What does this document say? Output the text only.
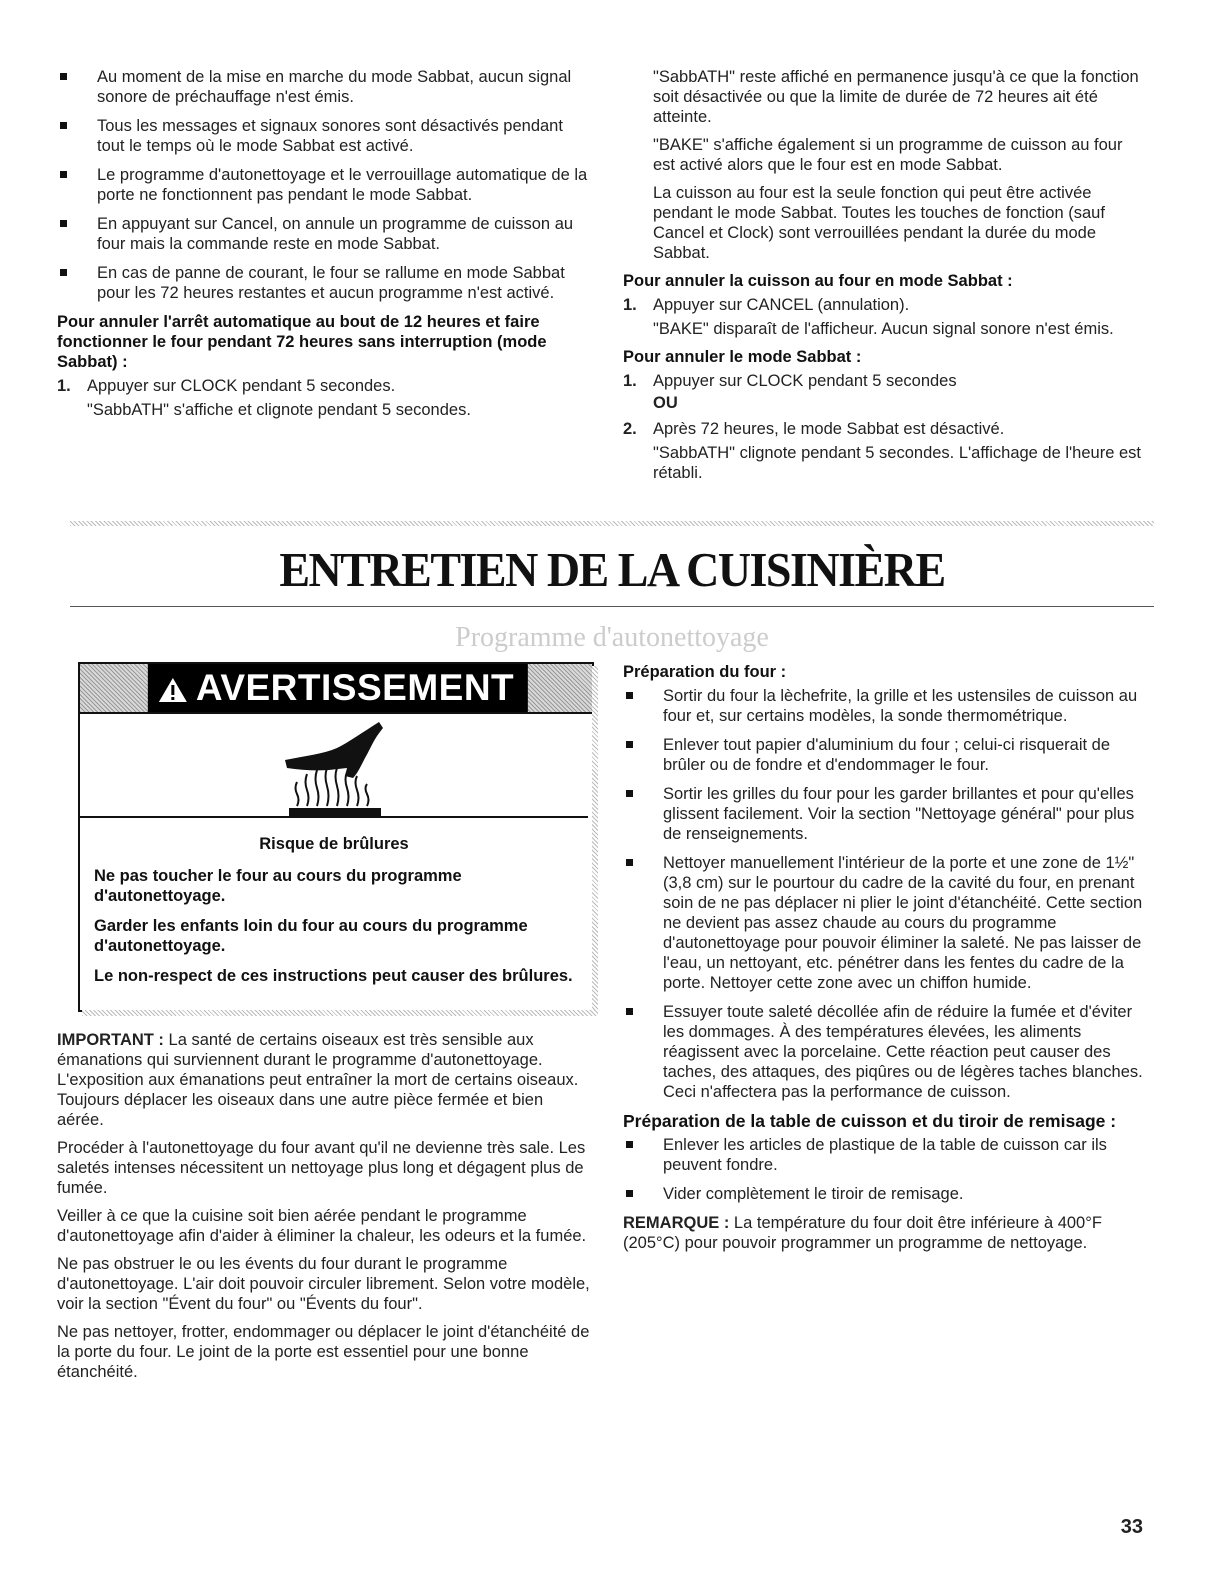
Au moment de la mise en marche du mode Sabbat, aucun signal sonore de préchauffage n'est émis.
Tous les messages et signaux sonores sont désactivés pendant tout le temps où le mode Sabbat est activé.
Le programme d'autonettoyage et le verrouillage automatique de la porte ne fonctionnent pas pendant le mode Sabbat.
En appuyant sur Cancel, on annule un programme de cuisson au four mais la commande reste en mode Sabbat.
En cas de panne de courant, le four se rallume en mode Sabbat pour les 72 heures restantes et aucun programme n'est activé.
Pour annuler l'arrêt automatique au bout de 12 heures et faire fonctionner le four pendant 72 heures sans interruption (mode Sabbat) :
1. Appuyer sur CLOCK pendant 5 secondes.
"SabbATH" s'affiche et clignote pendant 5 secondes.

"SabbATH" reste affiché en permanence jusqu'à ce que la fonction soit désactivée ou que la limite de durée de 72 heures ait été atteinte.

"BAKE" s'affiche également si un programme de cuisson au four est activé alors que le four est en mode Sabbat.

La cuisson au four est la seule fonction qui peut être activée pendant le mode Sabbat. Toutes les touches de fonction (sauf Cancel et Clock) sont verrouillées pendant la durée du mode Sabbat.

Pour annuler la cuisson au four en mode Sabbat :
1. Appuyer sur CANCEL (annulation).
"BAKE" disparaît de l'afficheur. Aucun signal sonore n'est émis.
Pour annuler le mode Sabbat :
1. Appuyer sur CLOCK pendant 5 secondes
OU
2. Après 72 heures, le mode Sabbat est désactivé.
"SabbATH" clignote pendant 5 secondes. L'affichage de l'heure est rétabli.
ENTRETIEN DE LA CUISINIÈRE
Programme d'autonettoyage
AVERTISSEMENT
Risque de brûlures

Ne pas toucher le four au cours du programme d'autonettoyage.

Garder les enfants loin du four au cours du programme d'autonettoyage.

Le non-respect de ces instructions peut causer des brûlures.

IMPORTANT : La santé de certains oiseaux est très sensible aux émanations qui surviennent durant le programme d'autonettoyage. L'exposition aux émanations peut entraîner la mort de certains oiseaux. Toujours déplacer les oiseaux dans une autre pièce fermée et bien aérée.

Procéder à l'autonettoyage du four avant qu'il ne devienne très sale. Les saletés intenses nécessitent un nettoyage plus long et dégagent plus de fumée.

Veiller à ce que la cuisine soit bien aérée pendant le programme d'autonettoyage afin d'aider à éliminer la chaleur, les odeurs et la fumée.

Ne pas obstruer le ou les évents du four durant le programme d'autonettoyage. L'air doit pouvoir circuler librement. Selon votre modèle, voir la section "Évent du four" ou "Évents du four".

Ne pas nettoyer, frotter, endommager ou déplacer le joint d'étanchéité de la porte du four. Le joint de la porte est essentiel pour une bonne étanchéité.

Préparation du four :
Sortir du four la lèchefrite, la grille et les ustensiles de cuisson au four et, sur certains modèles, la sonde thermométrique.
Enlever tout papier d'aluminium du four ; celui-ci risquerait de brûler ou de fondre et d'endommager le four.
Sortir les grilles du four pour les garder brillantes et pour qu'elles glissent facilement. Voir la section "Nettoyage général" pour plus de renseignements.
Nettoyer manuellement l'intérieur de la porte et une zone de 1½" (3,8 cm) sur le pourtour du cadre de la cavité du four, en prenant soin de ne pas déplacer ni plier le joint d'étanchéité. Cette section ne devient pas assez chaude au cours du programme d'autonettoyage pour pouvoir éliminer la saleté. Ne pas laisser de l'eau, un nettoyant, etc. pénétrer dans les fentes du cadre de la porte. Nettoyer cette zone avec un chiffon humide.
Essuyer toute saleté décollée afin de réduire la fumée et d'éviter les dommages. À des températures élevées, les aliments réagissent avec la porcelaine. Cette réaction peut causer des taches, des attaques, des piqûres ou de légères taches blanches. Ceci n'affectera pas la performance de cuisson.
Préparation de la table de cuisson et du tiroir de remisage :
Enlever les articles de plastique de la table de cuisson car ils peuvent fondre.
Vider complètement le tiroir de remisage.

REMARQUE : La température du four doit être inférieure à 400°F (205°C) pour pouvoir programmer un programme de nettoyage.

33
